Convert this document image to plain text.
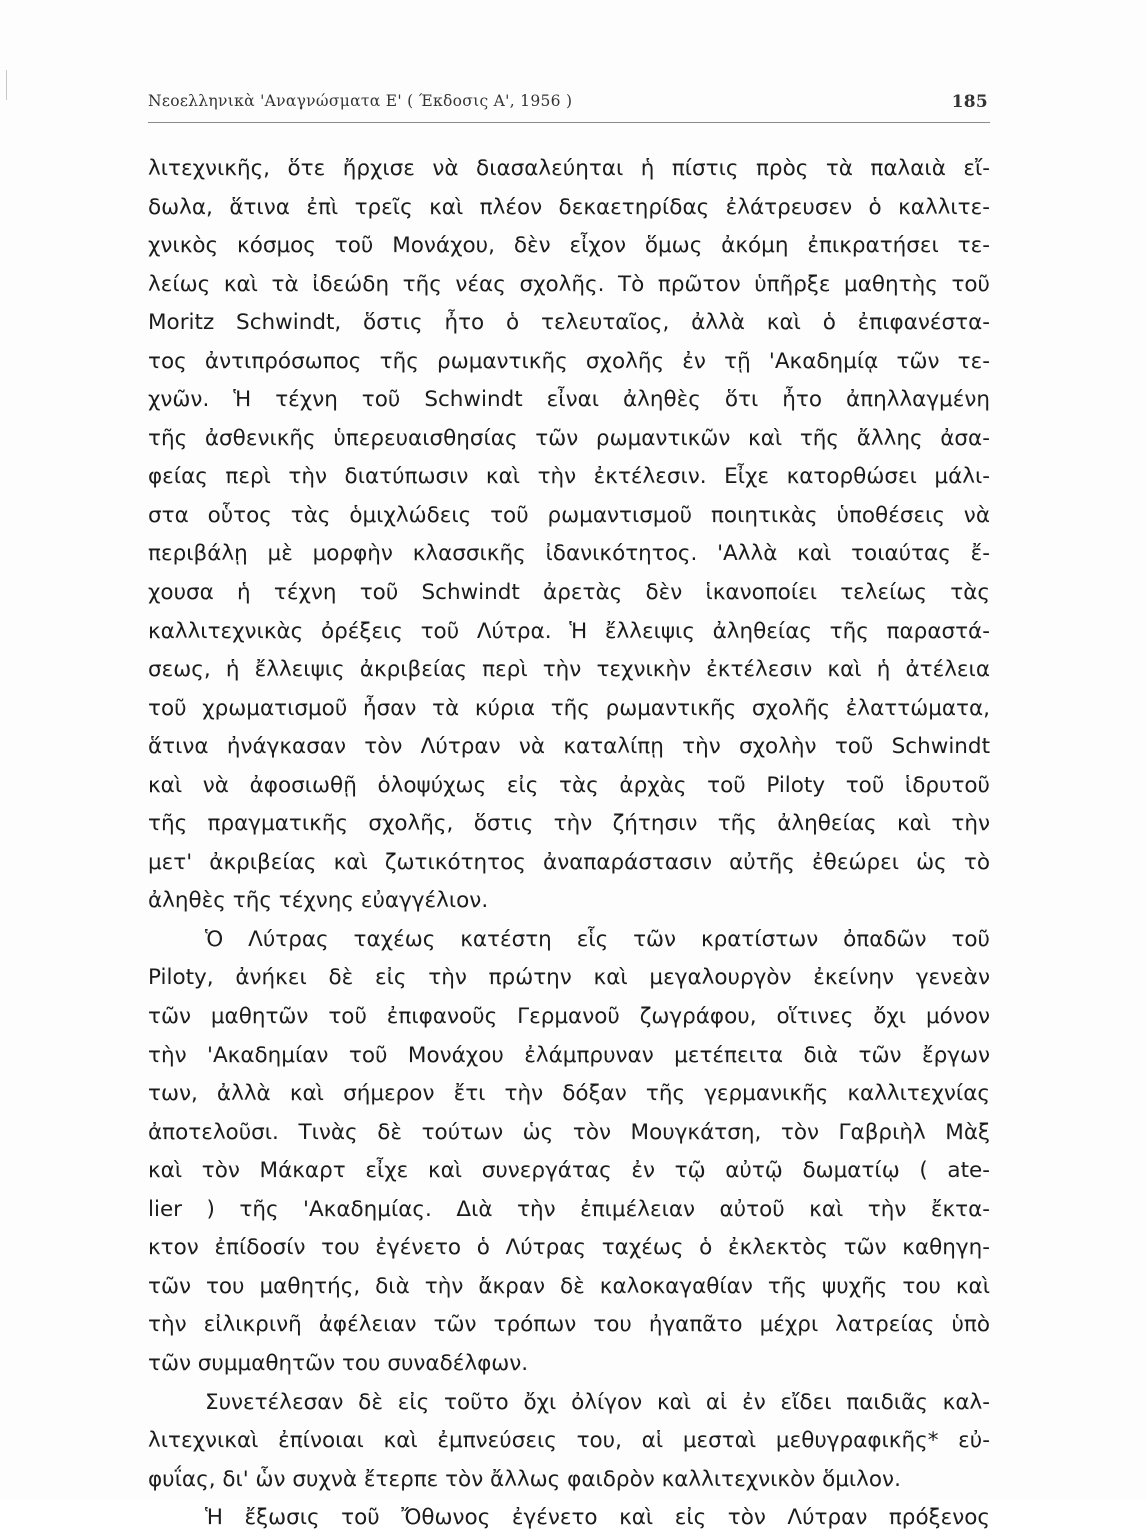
Νεοελληνικὰ 'Αναγνώσματα Ε' ( Έκδοσις Α', 1956 )	185
λιτεχνικῆς, ὅτε ἤρχισε νὰ διασαλεύηται ἡ πίστις πρὸς τὰ παλαιὰ εἴ-
δωλα, ἅτινα ἐπὶ τρεῖς καὶ πλέον δεκαετηρίδας ἐλάτρευσεν ὁ καλλιτε-
χνικὸς κόσμος τοῦ Μονάχου, δὲν εἶχον ὅμως ἀκόμη ἐπικρατήσει τε-
λείως καὶ τὰ ἰδεώδη τῆς νέας σχολῆς. Τὸ πρῶτον ὑπῆρξε μαθητὴς τοῦ
Moritz Schwindt, ὅστις ἦτο ὁ τελευταῖος, ἀλλὰ καὶ ὁ ἐπιφανέστα-
τος ἀντιπρόσωπος τῆς ρωμαντικῆς σχολῆς ἐν τῇ 'Ακαδημίᾳ τῶν τε-
χνῶν. Ἡ τέχνη τοῦ Schwindt εἶναι ἀληθὲς ὅτι ἦτο ἀπηλλαγμένη
τῆς ἀσθενικῆς ὑπερευαισθησίας τῶν ρωμαντικῶν καὶ τῆς ἄλλης ἀσα-
φείας περὶ τὴν διατύπωσιν καὶ τὴν ἐκτέλεσιν. Εἶχε κατορθώσει μάλι-
στα οὗτος τὰς ὁμιχλώδεις τοῦ ρωμαντισμοῦ ποιητικὰς ὑποθέσεις νὰ
περιβάλῃ μὲ μορφὴν κλασσικῆς ἰδανικότητος. 'Αλλὰ καὶ τοιαύτας ἔ-
χουσα ἡ τέχνη τοῦ Schwindt ἀρετὰς δὲν ἱκανοποίει τελείως τὰς
καλλιτεχνικὰς ὀρέξεις τοῦ Λύτρα. Ἡ ἔλλειψις ἀληθείας τῆς παραστά-
σεως, ἡ ἔλλειψις ἀκριβείας περὶ τὴν τεχνικὴν ἐκτέλεσιν καὶ ἡ ἀτέλεια
τοῦ χρωματισμοῦ ἦσαν τὰ κύρια τῆς ρωμαντικῆς σχολῆς ἐλαττώματα,
ἅτινα ἠνάγκασαν τὸν Λύτραν νὰ καταλίπῃ τὴν σχολὴν τοῦ Schwindt
καὶ νὰ ἀφοσιωθῇ ὁλοψύχως εἰς τὰς ἀρχὰς τοῦ Piloty τοῦ ἱδρυτοῦ
τῆς πραγματικῆς σχολῆς, ὅστις τὴν ζήτησιν τῆς ἀληθείας καὶ τὴν
μετ' ἀκριβείας καὶ ζωτικότητος ἀναπαράστασιν αὐτῆς ἐθεώρει ὡς τὸ
ἀληθὲς τῆς τέχνης εὐαγγέλιον.
Ὁ Λύτρας ταχέως κατέστη εἷς τῶν κρατίστων ὀπαδῶν τοῦ
Piloty, ἀνήκει δὲ εἰς τὴν πρώτην καὶ μεγαλουργὸν ἐκείνην γενεὰν
τῶν μαθητῶν τοῦ ἐπιφανοῦς Γερμανοῦ ζωγράφου, οἵτινες ὄχι μόνον
τὴν 'Ακαδημίαν τοῦ Μονάχου ἐλάμπρυναν μετέπειτα διὰ τῶν ἔργων
των, ἀλλὰ καὶ σήμερον ἔτι τὴν δόξαν τῆς γερμανικῆς καλλιτεχνίας
ἀποτελοῦσι. Τινὰς δὲ τούτων ὡς τὸν Μουγκάτση, τὸν Γαβριὴλ Μὰξ
καὶ τὸν Μάκαρτ εἶχε καὶ συνεργάτας ἐν τῷ αὐτῷ δωματίῳ ( ate-
lier ) τῆς 'Ακαδημίας. Διὰ τὴν ἐπιμέλειαν αὐτοῦ καὶ τὴν ἔκτα-
κτον ἐπίδοσίν του ἐγένετο ὁ Λύτρας ταχέως ὁ ἐκλεκτὸς τῶν καθηγη-
τῶν του μαθητής, διὰ τὴν ἄκραν δὲ καλοκαγαθίαν τῆς ψυχῆς του καὶ
τὴν εἰλικρινῆ ἀφέλειαν τῶν τρόπων του ἠγαπᾶτο μέχρι λατρείας ὑπὸ
τῶν συμμαθητῶν του συναδέλφων.
Συνετέλεσαν δὲ εἰς τοῦτο ὄχι ὀλίγον καὶ αἱ ἐν εἴδει παιδιᾶς καλ-
λιτεχνικαὶ ἐπίνοιαι καὶ ἐμπνεύσεις του, αἱ μεσταὶ μεθυγραφικῆς* εὐ-
φυΐας, δι' ὧν συχνὰ ἔτερπε τὸν ἄλλως φαιδρὸν καλλιτεχνικὸν ὅμιλον.
Ἡ ἔξωσις τοῦ Ὄθωνος ἐγένετο καὶ εἰς τὸν Λύτραν πρόξενος
